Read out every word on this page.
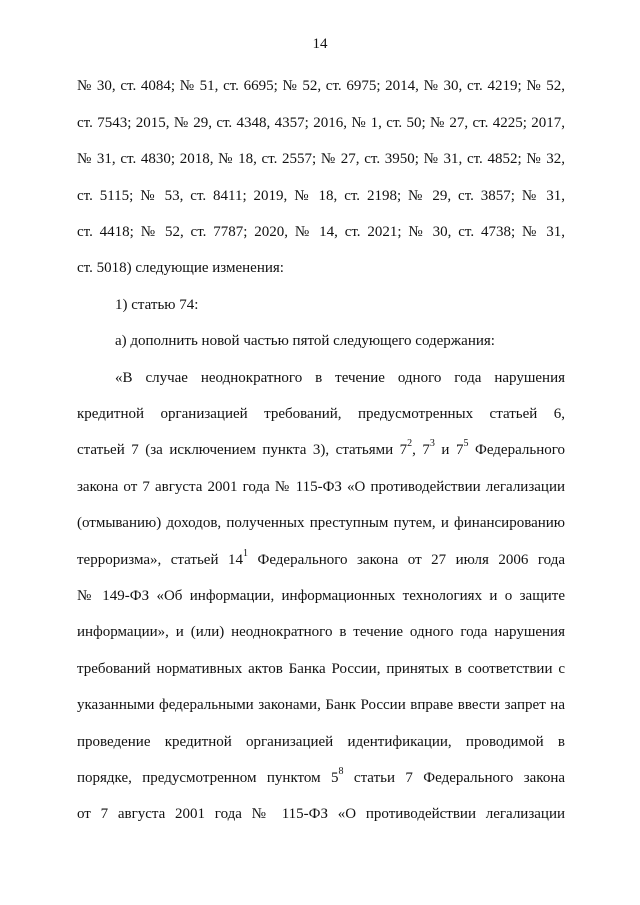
14
№ 30, ст. 4084; № 51, ст. 6695; № 52, ст. 6975; 2014, № 30, ст. 4219; № 52,
ст. 7543; 2015, № 29, ст. 4348, 4357; 2016, № 1, ст. 50; № 27, ст. 4225; 2017,
№ 31, ст. 4830; 2018, № 18, ст. 2557; № 27, ст. 3950; № 31, ст. 4852; № 32,
ст. 5115; № 53, ст. 8411; 2019, № 18, ст. 2198; № 29, ст. 3857; № 31,
ст. 4418; № 52, ст. 7787; 2020, № 14, ст. 2021; № 30, ст. 4738; № 31,
ст. 5018) следующие изменения:
1) статью 74:
а) дополнить новой частью пятой следующего содержания:
«В случае неоднократного в течение одного года нарушения
кредитной организацией требований, предусмотренных статьей 6,
статьей 7 (за исключением пункта 3), статьями $7^2$, $7^3$ и $7^5$ Федерального
закона от 7 августа 2001 года № 115-ФЗ «О противодействии легализации
(отмыванию) доходов, полученных преступным путем, и финансированию
терроризма», статьей $14^1$ Федерального закона от 27 июля 2006 года
№ 149-ФЗ «Об информации, информационных технологиях и о защите
информации», и (или) неоднократного в течение одного года нарушения
требований нормативных актов Банка России, принятых в соответствии с
указанными федеральными законами, Банк России вправе ввести запрет на
проведение кредитной организацией идентификации, проводимой в
порядке, предусмотренном пунктом $5^8$ статьи 7 Федерального закона
от 7 августа 2001 года № 115-ФЗ «О противодействии легализации
